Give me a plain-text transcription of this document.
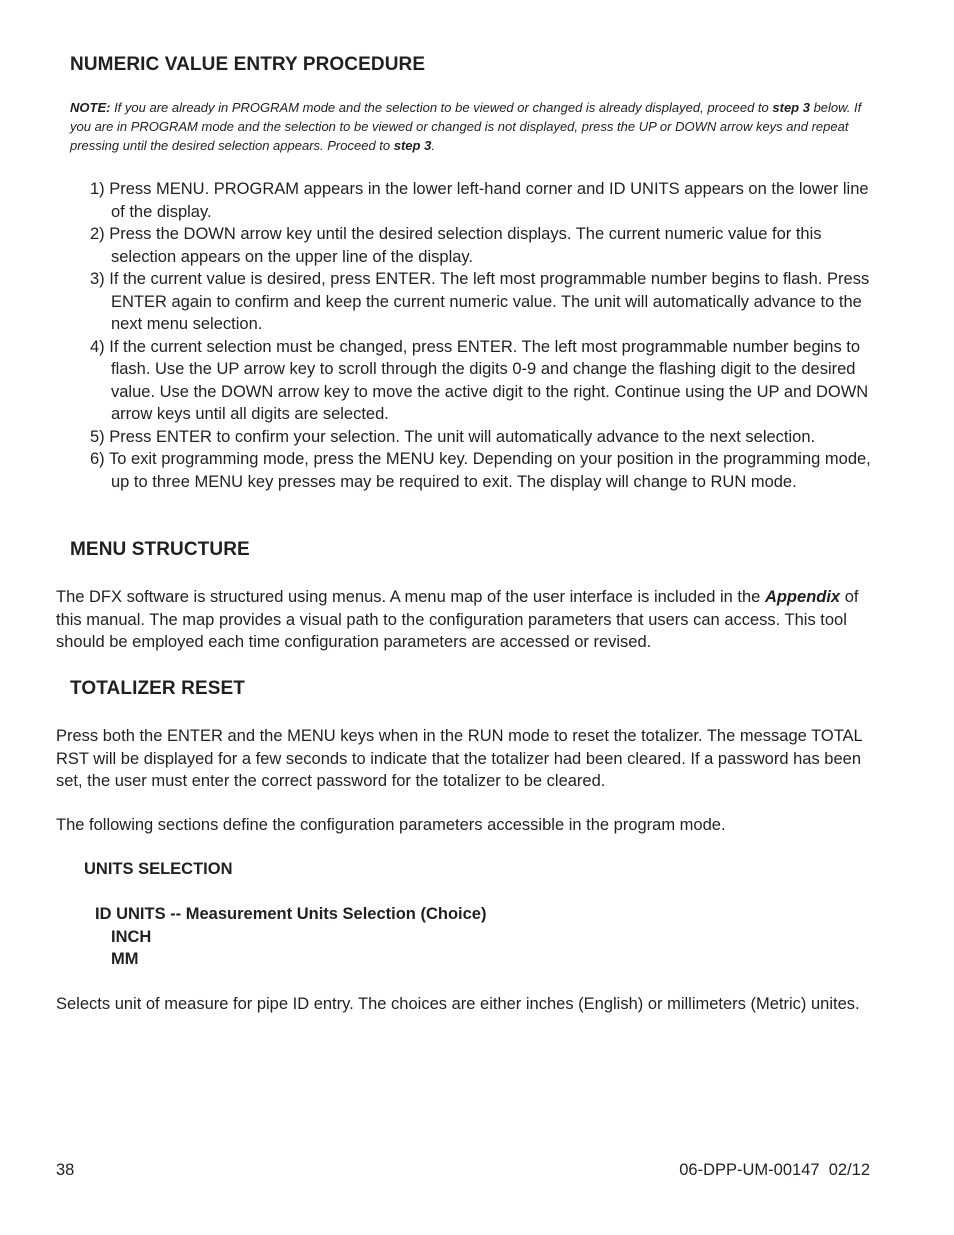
NUMERIC VALUE ENTRY PROCEDURE

NOTE: If you are already in PROGRAM mode and the selection to be viewed or changed is already displayed, proceed to step 3 below. If you are in PROGRAM mode and the selection to be viewed or changed is not displayed, press the UP or DOWN arrow keys and repeat pressing until the desired selection appears. Proceed to step 3.

1) Press MENU. PROGRAM appears in the lower left-hand corner and ID UNITS appears on the lower line of the display.
2) Press the DOWN arrow key until the desired selection displays. The current numeric value for this selection appears on the upper line of the display.
3) If the current value is desired, press ENTER. The left most programmable number begins to flash. Press ENTER again to confirm and keep the current numeric value. The unit will automatically advance to the next menu selection.
4) If the current selection must be changed, press ENTER. The left most programmable number begins to flash. Use the UP arrow key to scroll through the digits 0-9 and change the flashing digit to the desired value. Use the DOWN arrow key to move the active digit to the right. Continue using the UP and DOWN arrow keys until all digits are selected.
5) Press ENTER to confirm your selection. The unit will automatically advance to the next selection.
6) To exit programming mode, press the MENU key. Depending on your position in the programming mode, up to three MENU key presses may be required to exit. The display will change to RUN mode.
MENU STRUCTURE

The DFX software is structured using menus. A menu map of the user interface is included in the Appendix of this manual. The map provides a visual path to the configuration parameters that users can access. This tool should be employed each time configuration parameters are accessed or revised.

TOTALIZER RESET

Press both the ENTER and the MENU keys when in the RUN mode to reset the totalizer. The message TOTAL RST will be displayed for a few seconds to indicate that the totalizer had been cleared. If a password has been set, the user must enter the correct password for the totalizer to be cleared.

The following sections define the configuration parameters accessible in the program mode.

UNITS SELECTION
ID UNITS -- Measurement Units Selection (Choice)
INCH
MM

Selects unit of measure for pipe ID entry. The choices are either inches (English) or millimeters (Metric) unites.

38	06-DPP-UM-00147  02/12
